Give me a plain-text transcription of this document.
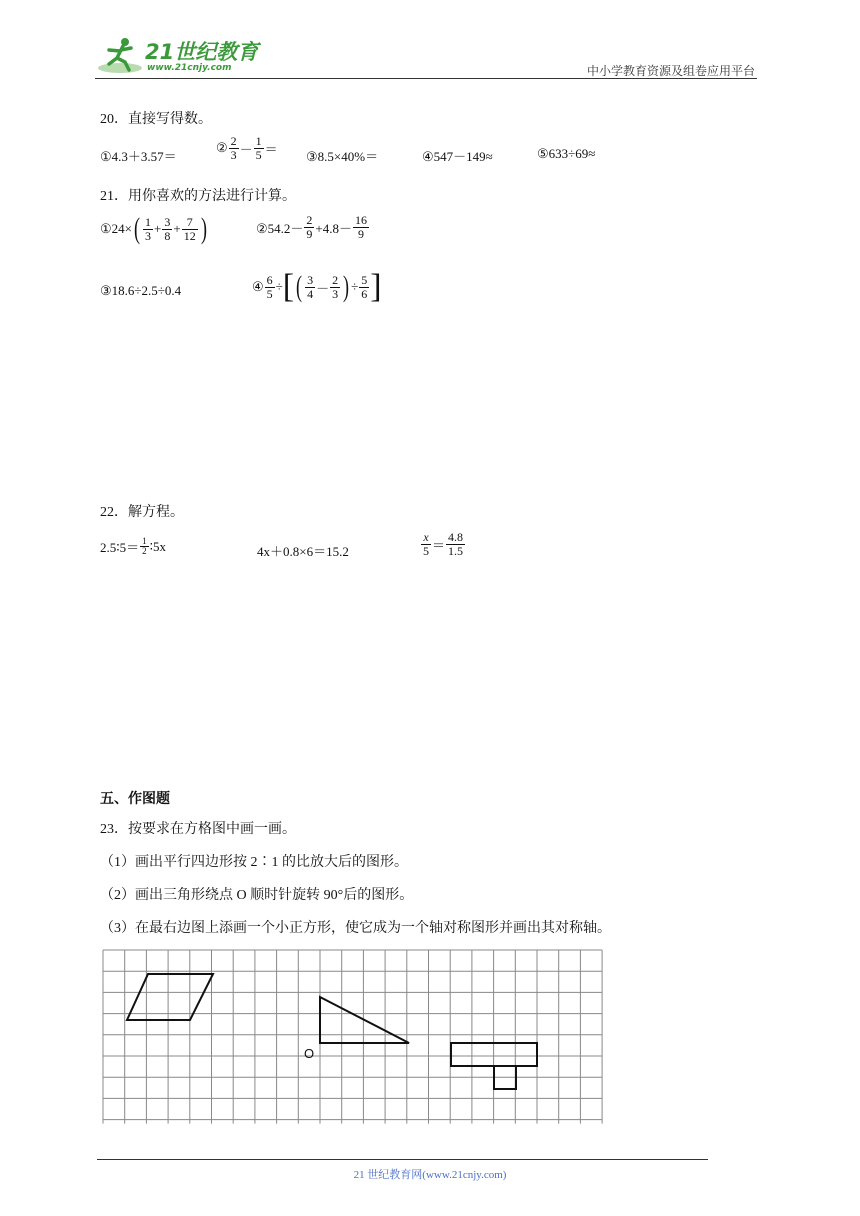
21世纪教育
www.21cnjy.com	中小学教育资源及组卷应用平台
20．直接写得数。
①4.3＋3.57＝
② $\frac{2}{3} - \frac{1}{5}$ ＝ ③8.5×40%＝	④547－149≈	⑤633÷69≈
21．用你喜欢的方法进行计算。
①24× ( $\frac{1}{3} + \frac{3}{8} + \frac{7}{12}$ )	②54.2－ $\frac{2}{9} +4.8- \frac{16}{9}$
③18.6÷2.5÷0.4	④ $\frac{6}{5}$ ÷ [ ( $\frac{3}{4} - \frac{2}{3}$ ) ÷ $\frac{5}{6}$ ]
22．解方程。
2.5∶5＝ $\frac{1}{2}$ ∶5x	4x＋0.8×6＝15.2	$\frac{x}{5} = \frac{4.8}{1.5}$
五、作图题
23．按要求在方格图中画一画。
（1）画出平行四边形按 2∶1 的比放大后的图形。
（2）画出三角形绕点 O 顺时针旋转 90°后的图形。
（3）在最右边图上添画一个小正方形，使它成为一个轴对称图形并画出其对称轴。
O
21 世纪教育网(www.21cnjy.com)
